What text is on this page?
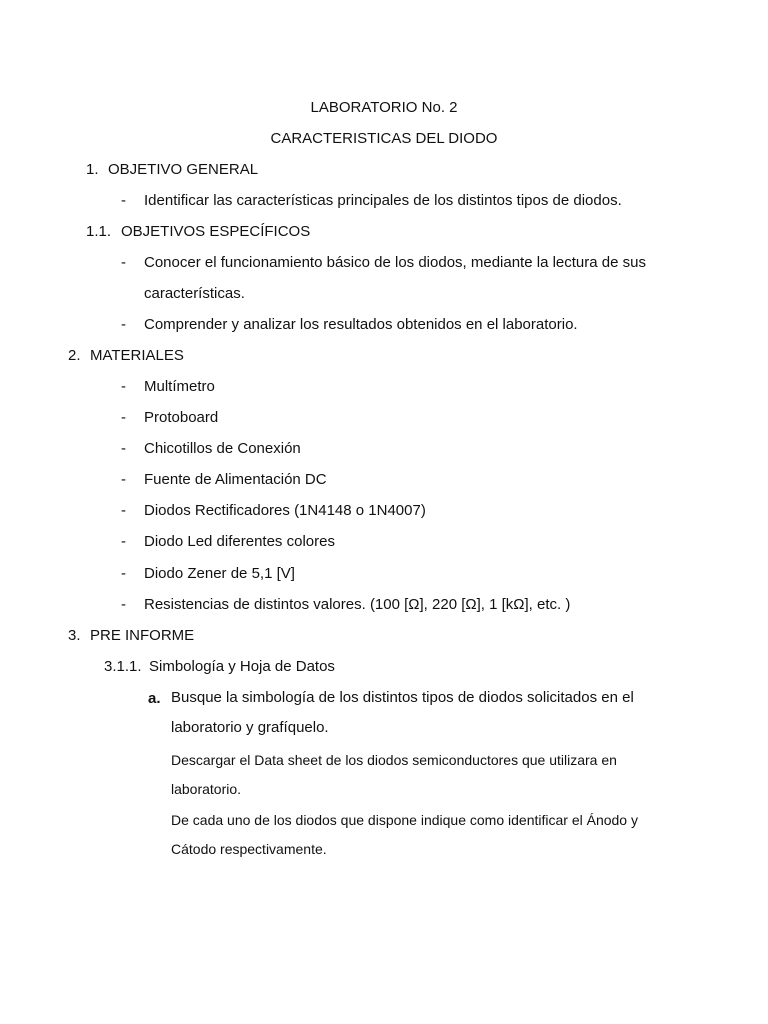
LABORATORIO No. 2
CARACTERISTICAS DEL DIODO
1. OBJETIVO GENERAL
- Identificar las características principales de los distintos tipos de diodos.
1.1. OBJETIVOS ESPECÍFICOS
- Conocer el funcionamiento básico de los diodos, mediante la lectura de sus
características.
- Comprender y analizar los resultados obtenidos en el laboratorio.
2. MATERIALES
- Multímetro
- Protoboard
- Chicotillos de Conexión
- Fuente de Alimentación DC
- Diodos Rectificadores (1N4148 o 1N4007)
- Diodo Led diferentes colores
- Diodo Zener de 5,1 [V]
- Resistencias de distintos valores. (100 [Ω], 220 [Ω], 1 [kΩ], etc. )
3. PRE INFORME
3.1.1. Simbología y Hoja de Datos
a. Busque la simbología de los distintos tipos de diodos solicitados en el
laboratorio y grafíquelo.
Descargar el Data sheet de los diodos semiconductores que utilizara en
laboratorio.
De cada uno de los diodos que dispone indique como identificar el Ánodo y
Cátodo respectivamente.
